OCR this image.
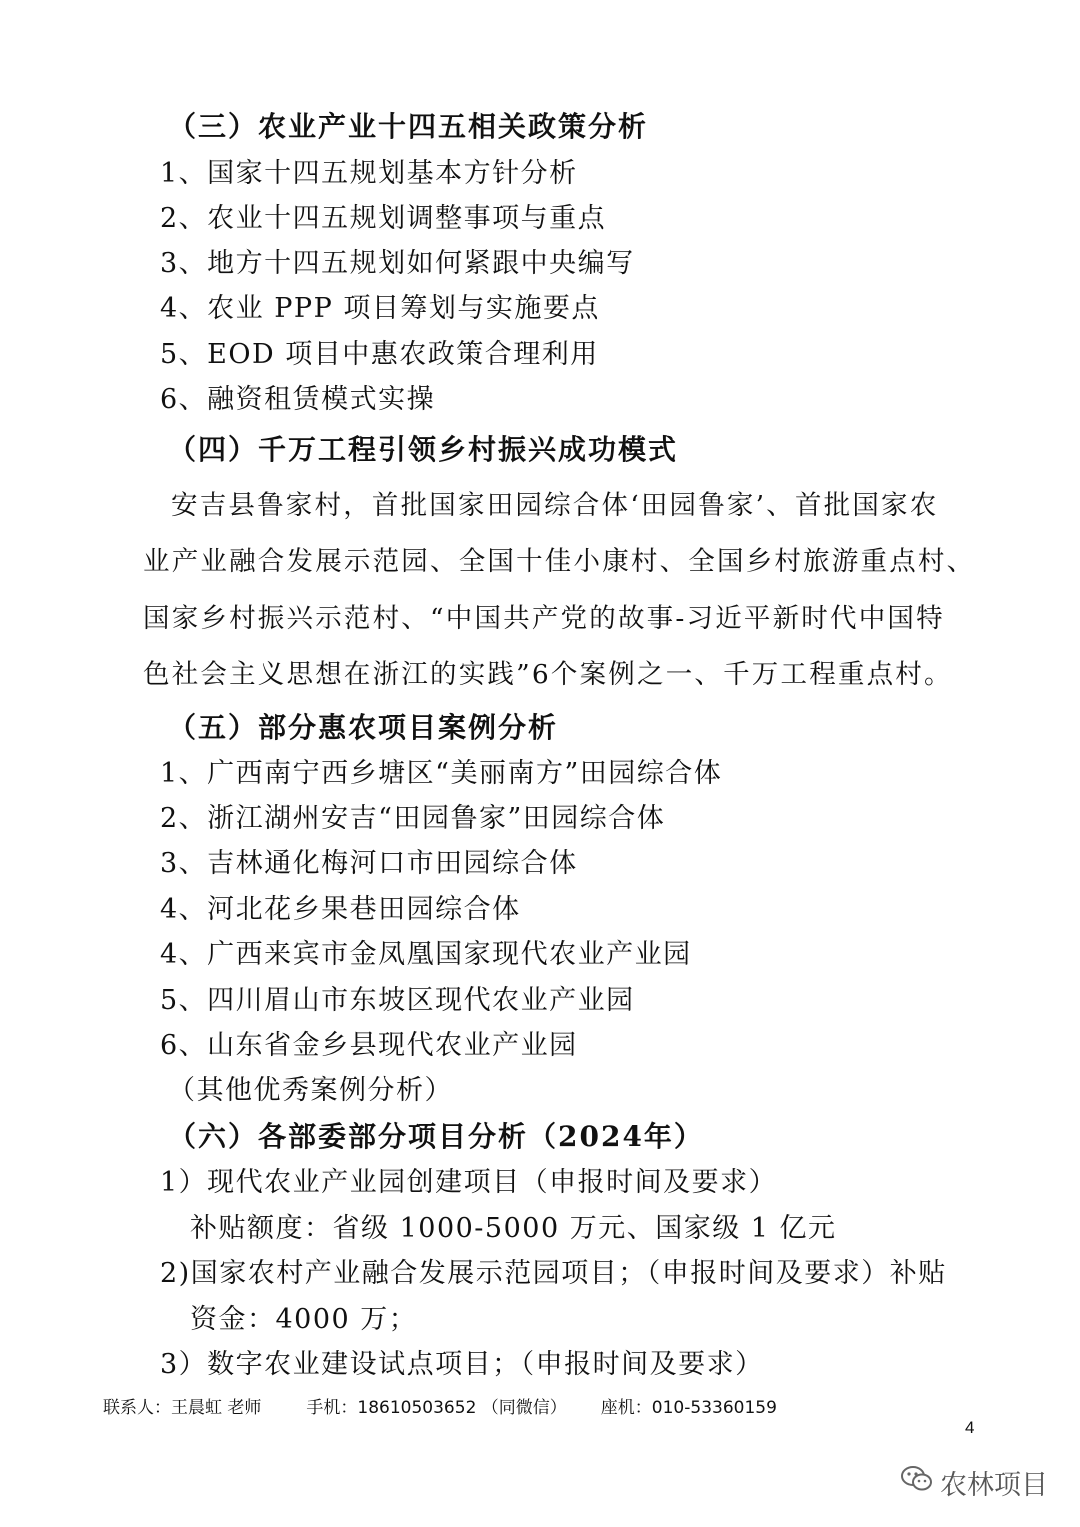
（三）农业产业十四五相关政策分析
1、国家十四五规划基本方针分析
2、农业十四五规划调整事项与重点
3、地方十四五规划如何紧跟中央编写
4、农业 PPP 项目筹划与实施要点
5、EOD 项目中惠农政策合理利用
6、融资租赁模式实操
（四）千万工程引领乡村振兴成功模式
安吉县鲁家村，首批国家田园综合体‘田园鲁家’、首批国家农
业产业融合发展示范园、全国十佳小康村、全国乡村旅游重点村、
国家乡村振兴示范村、“中国共产党的故事-习近平新时代中国特
色社会主义思想在浙江的实践”6个案例之一、千万工程重点村。
（五）部分惠农项目案例分析
1、广西南宁西乡塘区“美丽南方”田园综合体
2、浙江湖州安吉“田园鲁家”田园综合体
3、吉林通化梅河口市田园综合体
4、河北花乡果巷田园综合体
4、广西来宾市金凤凰国家现代农业产业园
5、四川眉山市东坡区现代农业产业园
6、山东省金乡县现代农业产业园
（其他优秀案例分析）
（六）各部委部分项目分析（2024年）
1）现代农业产业园创建项目（申报时间及要求）
补贴额度：省级 1000-5000 万元、国家级 1 亿元
2)国家农村产业融合发展示范园项目；（申报时间及要求）补贴
资金：4000 万；
3）数字农业建设试点项目；（申报时间及要求）
联系人：王晨虹 老师	手机：18610503652 （同微信） 座机：010-53360159
4
农林项目
